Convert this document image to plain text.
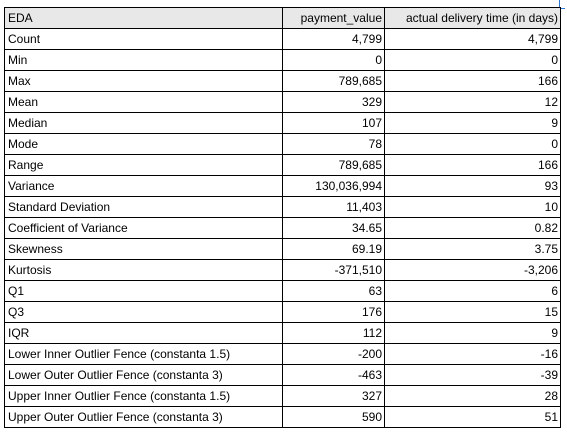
EDA	payment_value	actual delivery time (in days)
Count	4,799	4,799
Min	0	0
Max	789,685	166
Mean	329	12
Median	107	9
Mode	78	0
Range	789,685	166
Variance	130,036,994	93
Standard Deviation	11,403	10
Coefficient of Variance	34.65	0.82
Skewness	69.19	3.75
Kurtosis	-371,510	-3,206
Q1	63	6
Q3	176	15
IQR	112	9
Lower Inner Outlier Fence (constanta 1.5)	-200	-16
Lower Outer Outlier Fence (constanta 3)	-463	-39
Upper Inner Outlier Fence (constanta 1.5)	327	28
Upper Outer Outlier Fence (constanta 3)	590	51
